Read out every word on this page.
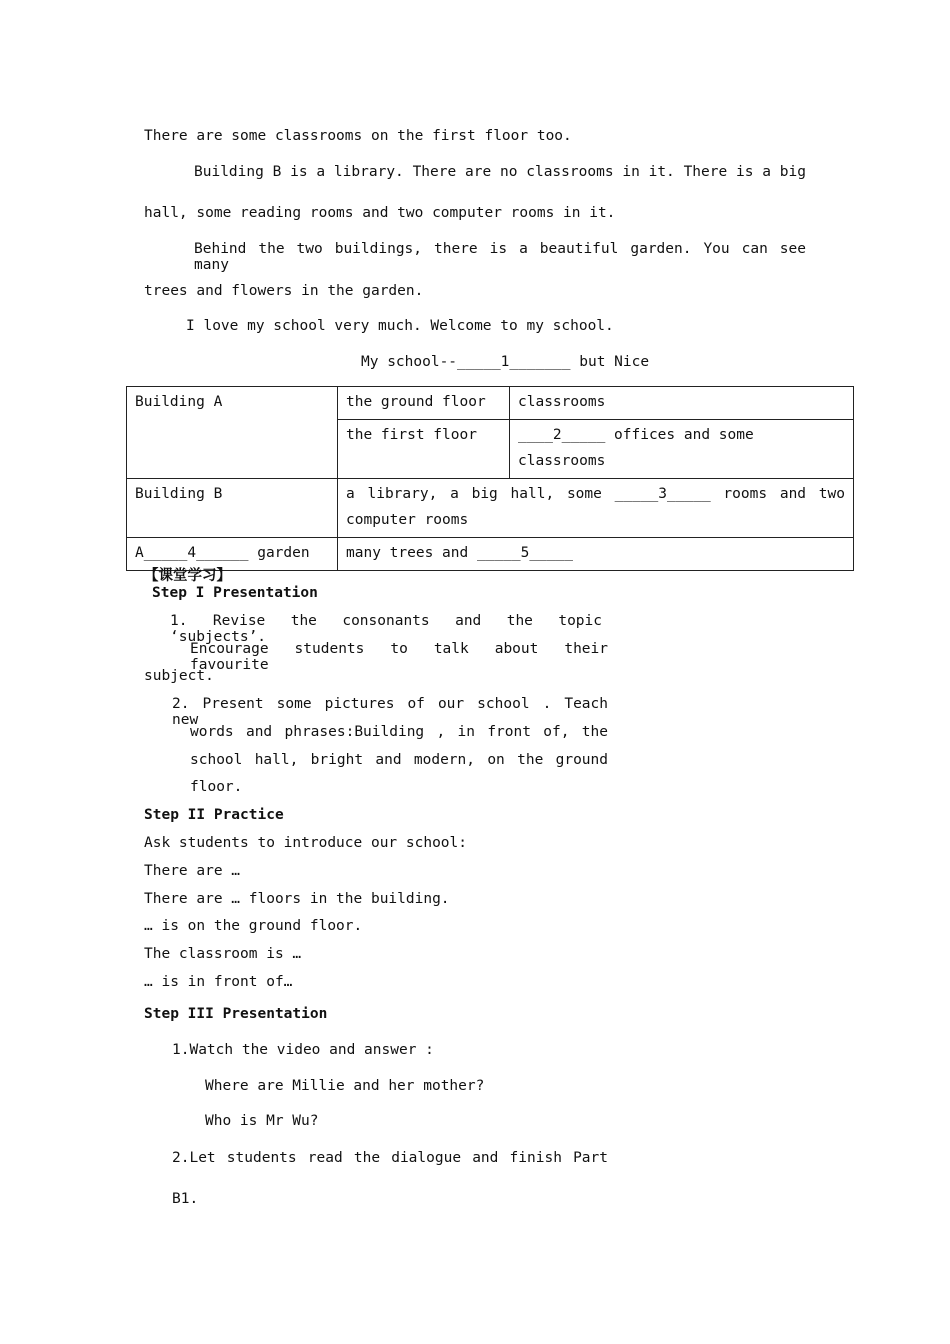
There are some classrooms on the first floor too.
Building B is a library. There are no classrooms in it. There is a big
hall, some reading rooms and two computer rooms in it.
Behind the two buildings, there is a beautiful garden. You can see many
trees and flowers in the garden.
I love my school very much. Welcome to my school.
My school--_____1_______ but Nice
Building A	the ground floor	classrooms
	the first floor	____2_____ offices and some classrooms
Building B	a library, a big hall, some _____3_____ rooms and two computer rooms	
A_____4______ garden	many trees and _____5_____	
【课堂学习】
Step I Presentation
1. Revise the consonants and the topic ‘subjects’.
Encourage students to talk about their favourite
subject.
2. Present some pictures of our school . Teach new
words and phrases:Building , in front of, the
school hall, bright and modern, on the ground
floor.
Step II Practice
Ask students to introduce our school:
There are …
There are … floors in the building.
… is on the ground floor.
The classroom is …
… is in front of…
Step III Presentation
1.Watch the video and answer :
Where are Millie and her mother?
Who is Mr Wu?
2.Let students read the dialogue and finish Part
B1.
